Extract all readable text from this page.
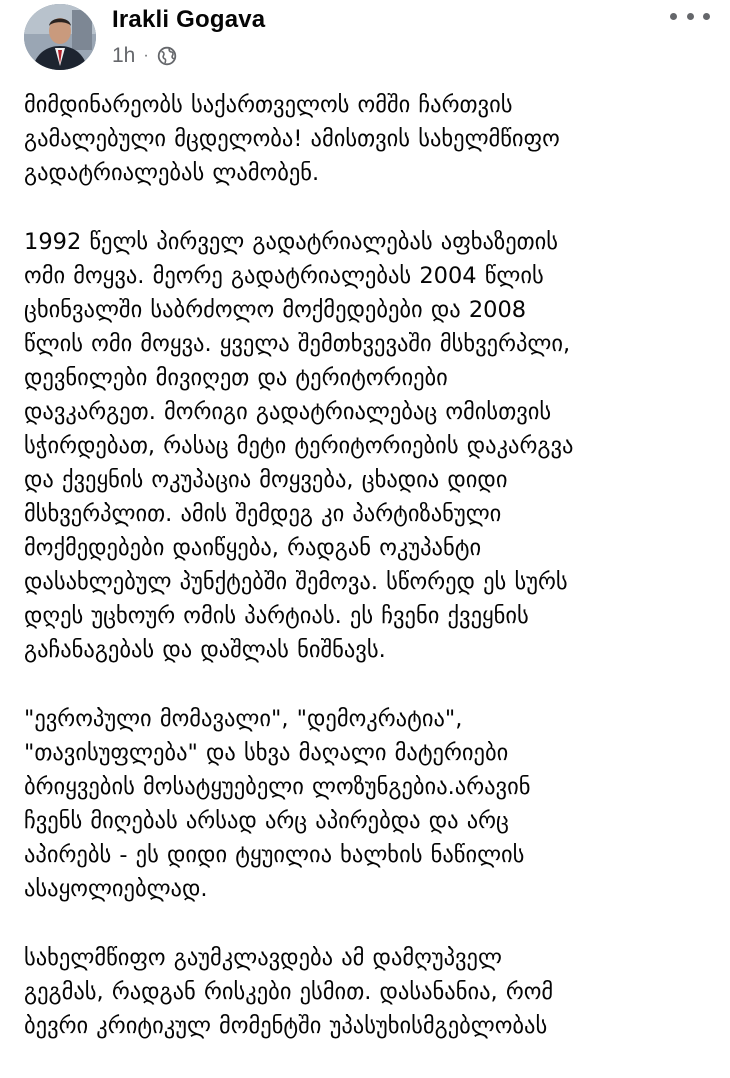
Irakli Gogava
1h ·

მიმდინარეობს საქართველოს ომში ჩართვის
გამალებული მცდელობა! ამისთვის სახელმწიფო
გადატრიალებას ლამობენ.

1992 წელს პირველ გადატრიალებას აფხაზეთის
ომი მოყვა. მეორე გადატრიალებას 2004 წლის
ცხინვალში საბრძოლო მოქმედებები და 2008
წლის ომი მოყვა. ყველა შემთხვევაში მსხვერპლი,
დევნილები მივიღეთ და ტერიტორიები
დავკარგეთ. მორიგი გადატრიალებაც ომისთვის
სჭირდებათ, რასაც მეტი ტერიტორიების დაკარგვა
და ქვეყნის ოკუპაცია მოყვება, ცხადია დიდი
მსხვერპლით. ამის შემდეგ კი პარტიზანული
მოქმედებები დაიწყება, რადგან ოკუპანტი
დასახლებულ პუნქტებში შემოვა. სწორედ ეს სურს
დღეს უცხოურ ომის პარტიას. ეს ჩვენი ქვეყნის
გაჩანაგებას და დაშლას ნიშნავს.

"ევროპული მომავალი", "დემოკრატია",
"თავისუფლება" და სხვა მაღალი მატერიები
ბრიყვების მოსატყუებელი ლოზუნგებია.არავინ
ჩვენს მიღებას არსად არც აპირებდა და არც
აპირებს - ეს დიდი ტყუილია ხალხის ნაწილის
ასაყოლიებლად.

სახელმწიფო გაუმკლავდება ამ დამღუპველ
გეგმას, რადგან რისკები ესმით. დასანანია, რომ
ბევრი კრიტიკულ მომენტში უპასუხისმგებლობას
